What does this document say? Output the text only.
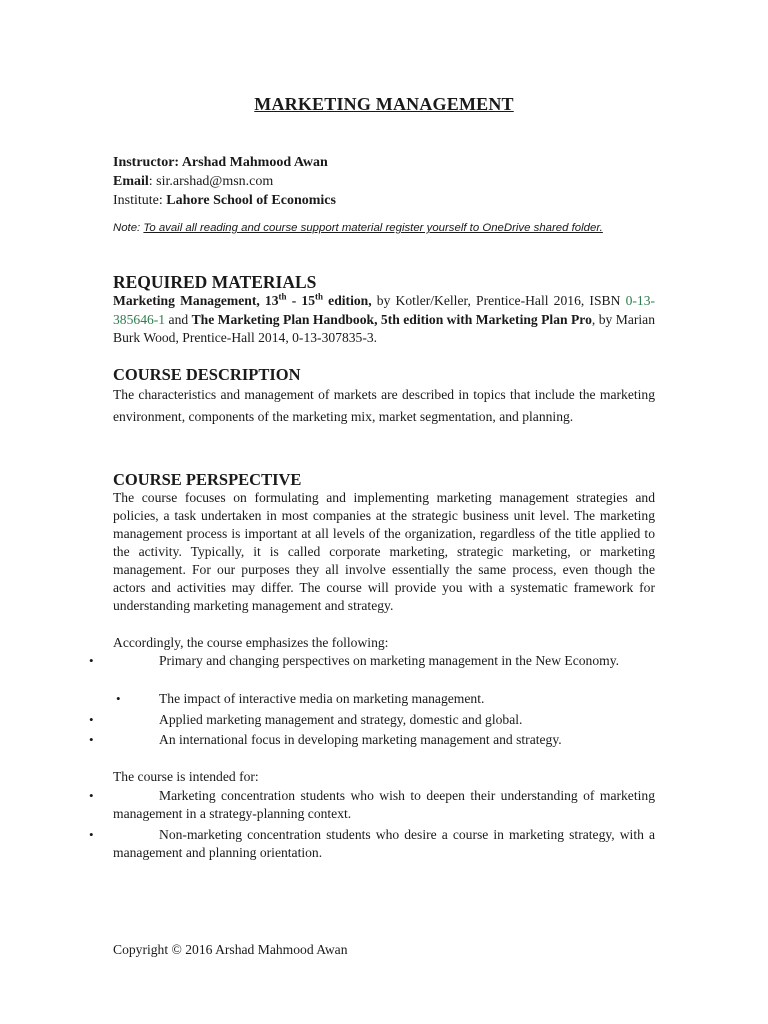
MARKETING MANAGEMENT
Instructor: Arshad Mahmood Awan
Email: sir.arshad@msn.com
Institute: Lahore School of Economics
Note: To avail all reading and course support material register yourself to OneDrive shared folder.
REQUIRED MATERIALS
Marketing Management, 13th - 15th edition, by Kotler/Keller, Prentice-Hall 2016, ISBN 0-13-385646-1 and The Marketing Plan Handbook, 5th edition with Marketing Plan Pro, by Marian Burk Wood, Prentice-Hall 2014, 0-13-307835-3.
COURSE DESCRIPTION
The characteristics and management of markets are described in topics that include the marketing environment, components of the marketing mix, market segmentation, and planning.
COURSE PERSPECTIVE
The course focuses on formulating and implementing marketing management strategies and policies, a task undertaken in most companies at the strategic business unit level. The marketing management process is important at all levels of the organization, regardless of the title applied to the activity. Typically, it is called corporate marketing, strategic marketing, or marketing management. For our purposes they all involve essentially the same process, even though the actors and activities may differ. The course will provide you with a systematic framework for understanding marketing management and strategy.
Accordingly, the course emphasizes the following:
•	Primary and changing perspectives on marketing management in the New Economy.
•	The impact of interactive media on marketing management.
•	Applied marketing management and strategy, domestic and global.
•	An international focus in developing marketing management and strategy.
The course is intended for:
•	Marketing concentration students who wish to deepen their understanding of marketing management in a strategy-planning context.
•	Non-marketing concentration students who desire a course in marketing strategy, with a management and planning orientation.
Copyright © 2016 Arshad Mahmood Awan
